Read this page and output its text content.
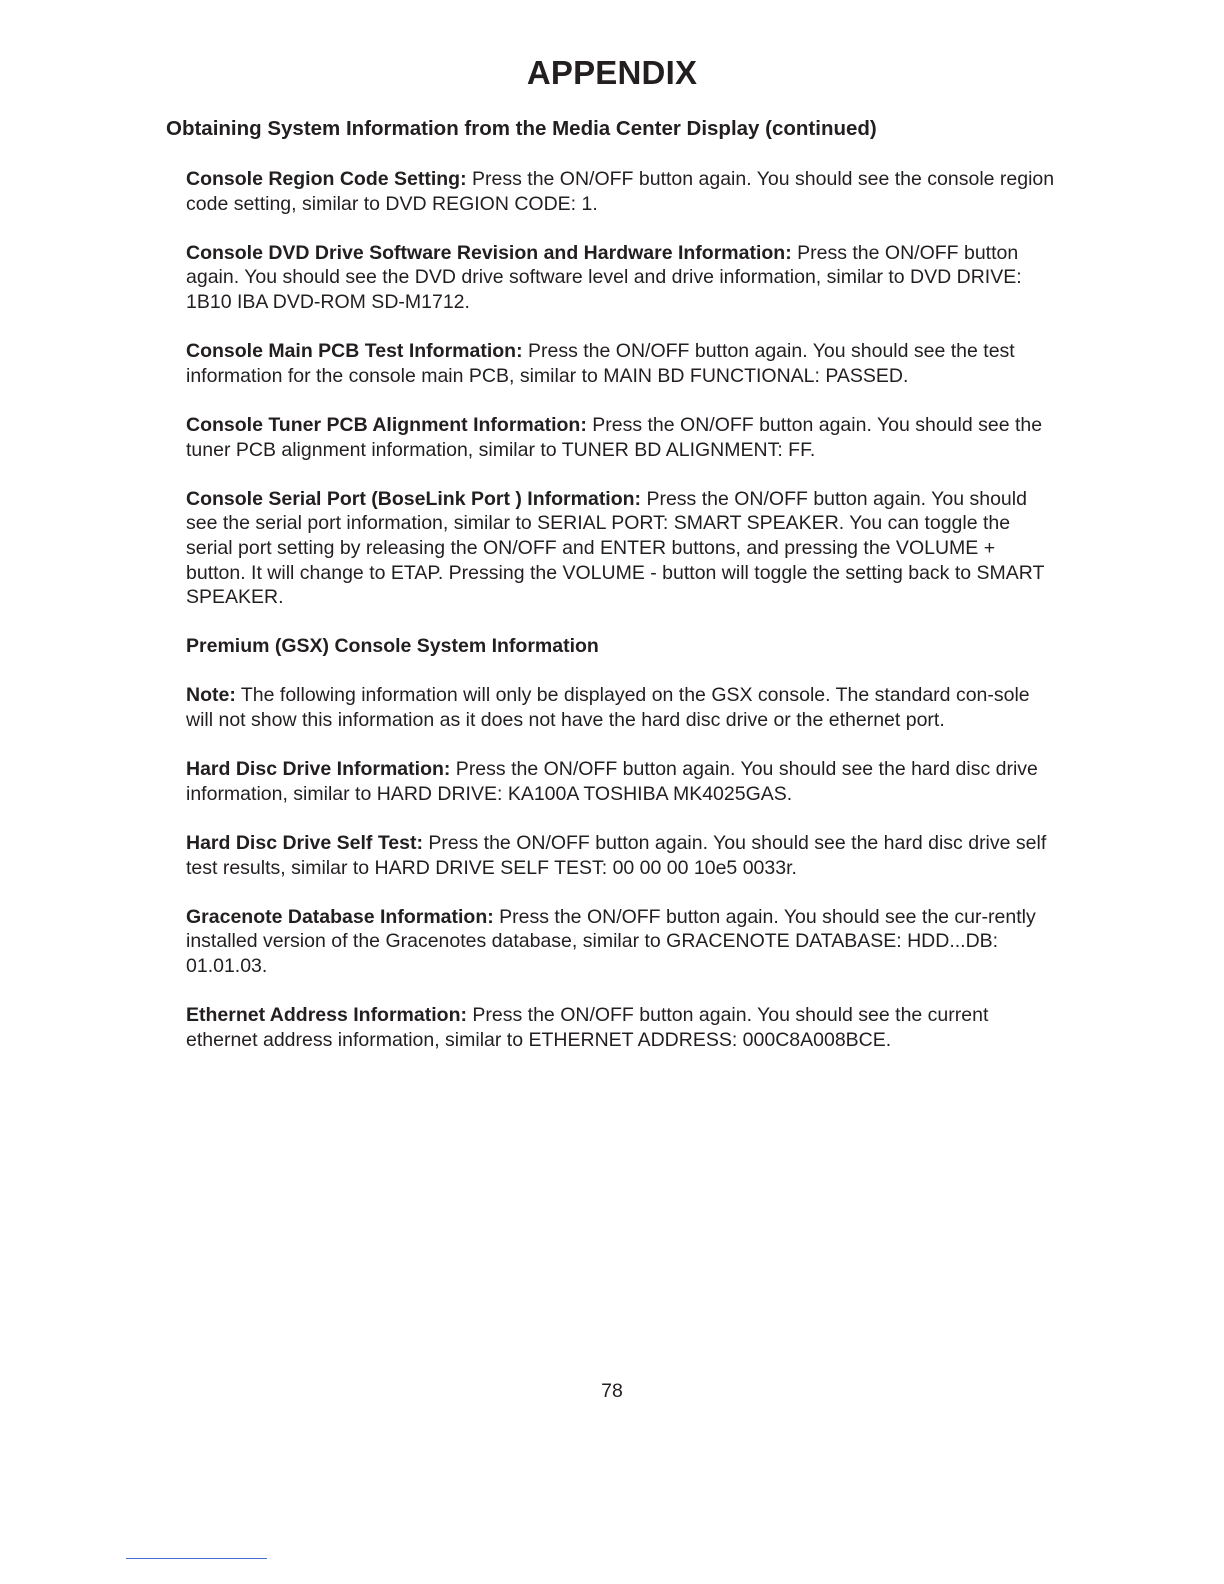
APPENDIX
Obtaining System Information from the Media Center Display (continued)

Console Region Code Setting: Press the ON/OFF button again. You should see the console region code setting, similar to DVD REGION CODE: 1.

Console DVD Drive Software Revision and Hardware Information: Press the ON/OFF button again. You should see the DVD drive software level and drive information, similar to DVD DRIVE: 1B10 IBA DVD-ROM SD-M1712.

Console Main PCB Test Information: Press the ON/OFF button again. You should see the test information for the console main PCB, similar to MAIN BD FUNCTIONAL: PASSED.

Console Tuner PCB Alignment Information: Press the ON/OFF button again. You should see the tuner PCB alignment information, similar to TUNER BD ALIGNMENT: FF.

Console Serial Port (BoseLink Port ) Information: Press the ON/OFF button again. You should see the serial port information, similar to SERIAL PORT: SMART SPEAKER. You can toggle the serial port setting by releasing the ON/OFF and ENTER buttons, and pressing the VOLUME + button. It will change to ETAP. Pressing the VOLUME - button will toggle the setting back to SMART SPEAKER.

Premium (GSX) Console System Information

Note: The following information will only be displayed on the GSX console. The standard con-sole will not show this information as it does not have the hard disc drive or the ethernet port.

Hard Disc Drive Information: Press the ON/OFF button again. You should see the hard disc drive information, similar to HARD DRIVE: KA100A TOSHIBA MK4025GAS.

Hard Disc Drive Self Test: Press the ON/OFF button again. You should see the hard disc drive self test results, similar to HARD DRIVE SELF TEST: 00 00 00 10e5 0033r.

Gracenote Database Information: Press the ON/OFF button again. You should see the cur-rently installed version of the Gracenotes database, similar to GRACENOTE DATABASE: HDD...DB: 01.01.03.

Ethernet Address Information: Press the ON/OFF button again. You should see the current ethernet address information, similar to ETHERNET ADDRESS: 000C8A008BCE.

78
